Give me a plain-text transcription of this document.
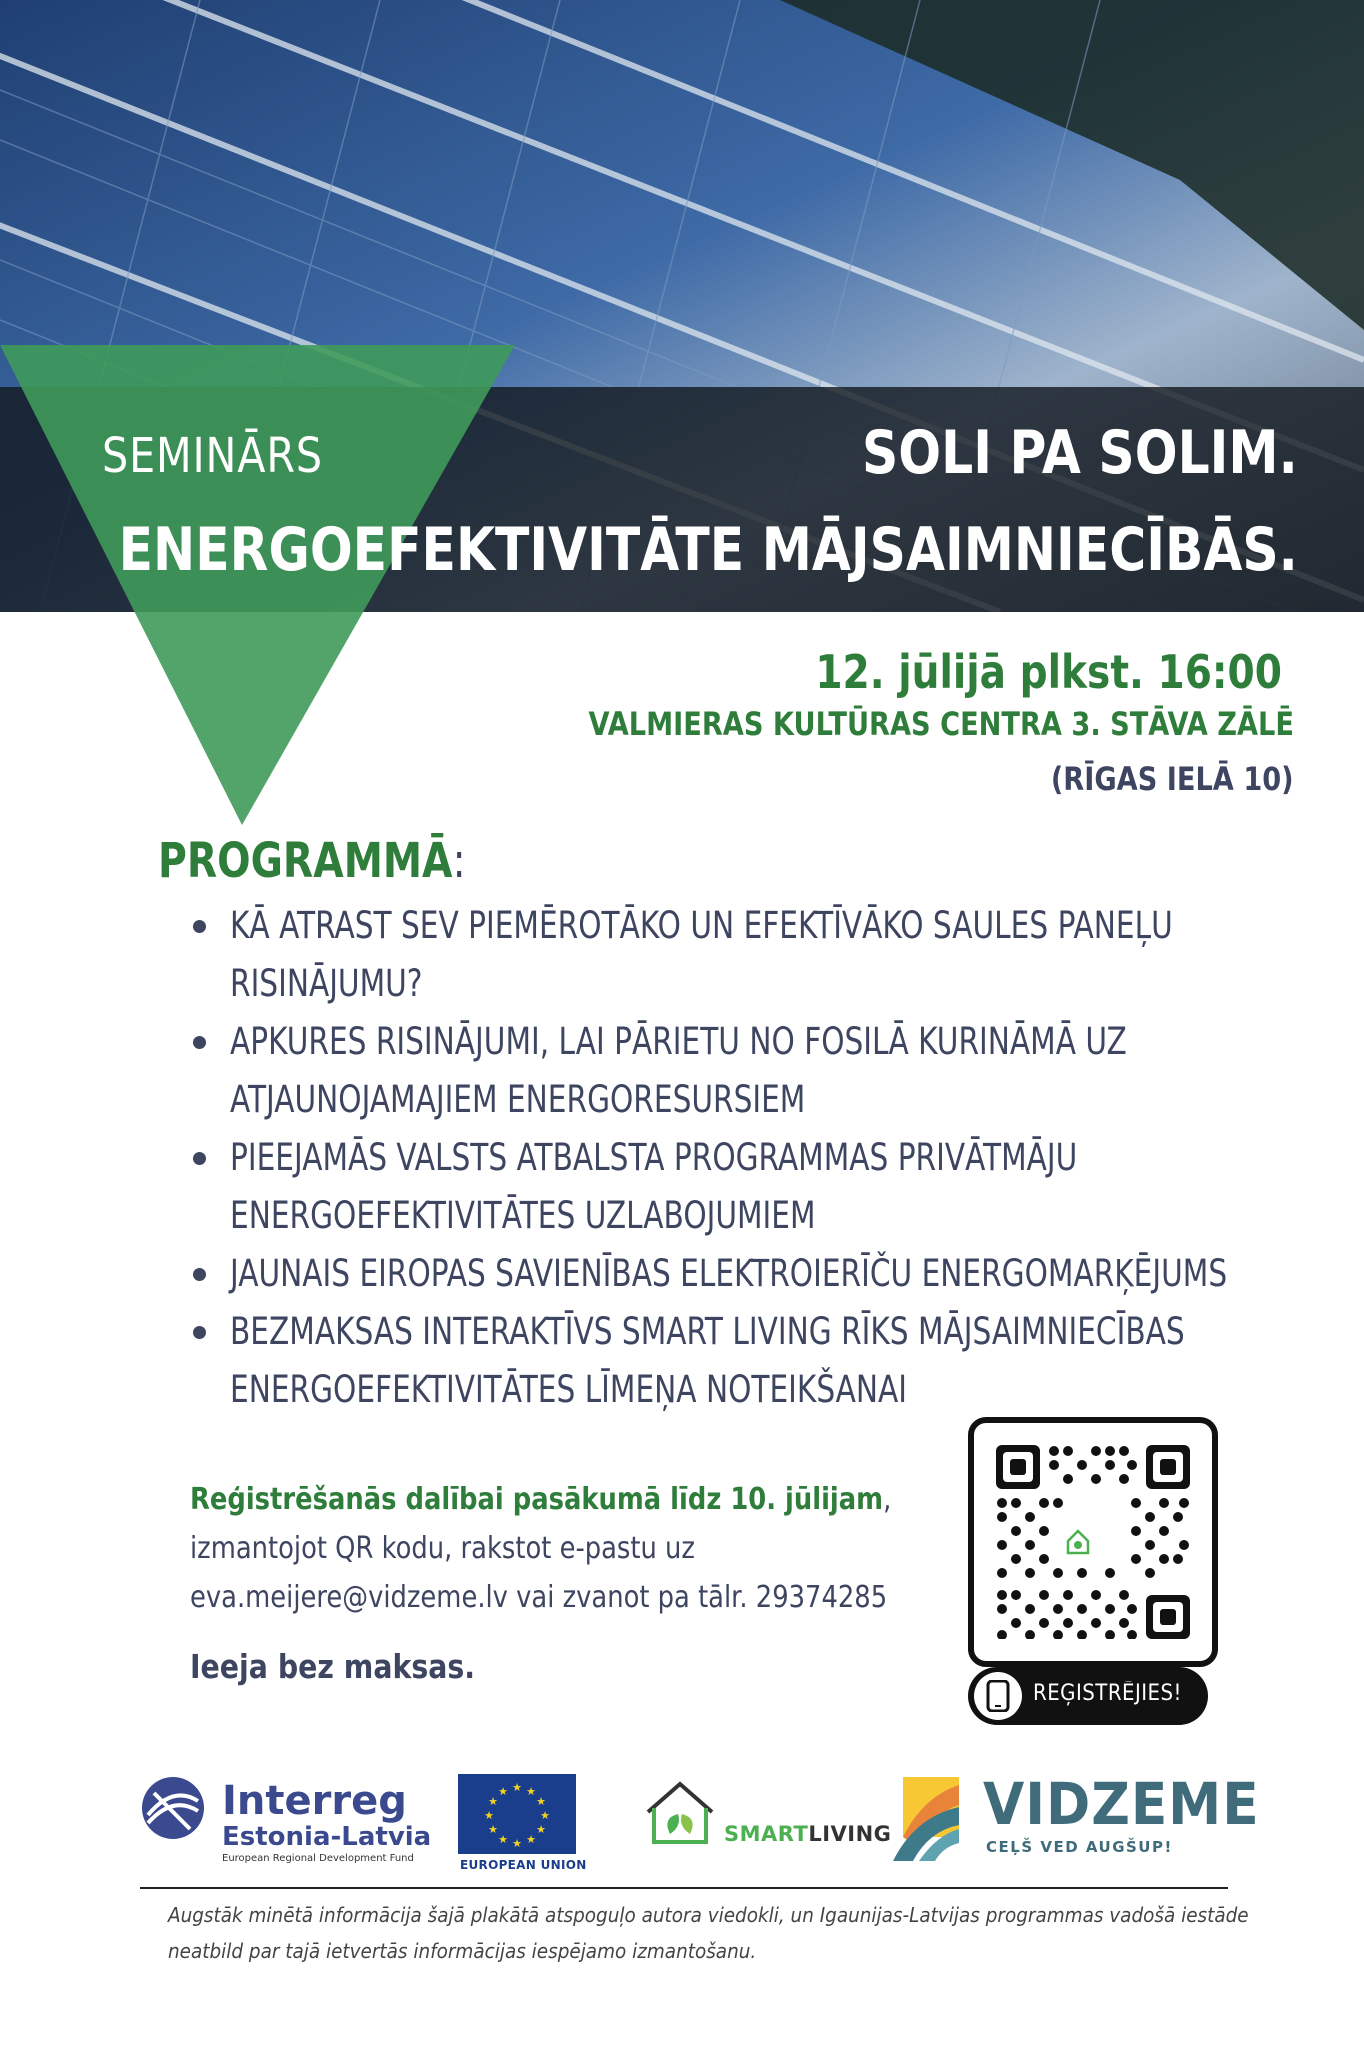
SEMINĀRS	SOLI PA SOLIM.
ENERGOEFEKTIVITĀTE MĀJSAIMNIECĪBĀS.
12. jūlijā plkst. 16:00
VALMIERAS KULTŪRAS CENTRA 3. STĀVA ZĀLĒ
(RĪGAS IELĀ 10)
PROGRAMMĀ:
KĀ ATRAST SEV PIEMĒROTĀKO UN EFEKTĪVĀKO SAULES PANEĻU
RISINĀJUMU?
APKURES RISINĀJUMI, LAI PĀRIETU NO FOSILĀ KURINĀMĀ UZ
ATJAUNOJAMAJIEM ENERGORESURSIEM
PIEEJAMĀS VALSTS ATBALSTA PROGRAMMAS PRIVĀTMĀJU
ENERGOEFEKTIVITĀTES UZLABOJUMIEM
JAUNAIS EIROPAS SAVIENĪBAS ELEKTROIERĪČU ENERGOMARĶĒJUMS
BEZMAKSAS INTERAKTĪVS SMART LIVING RĪKS MĀJSAIMNIECĪBAS
ENERGOEFEKTIVITĀTES LĪMEŅA NOTEIKŠANAI
Reģistrēšanās dalībai pasākumā līdz 10. jūlijam,
izmantojot QR kodu, rakstot e-pastu uz
eva.meijere@vidzeme.lv vai zvanot pa tālr. 29374285
Ieeja bez maksas.
REĢISTRĒJIES!
Interreg
Estonia-Latvia
European Regional Development Fund
★ ★
★
★
★
★
★
★
★
★
★
★
EUROPEAN UNION
SMARTLIVING VIDZEME
CEĻŠ VED AUGŠUP!
Augstāk minētā informācija šajā plakātā atspoguļo autora viedokli, un Igaunijas-Latvijas programmas vadošā iestāde
neatbild par tajā ietvertās informācijas iespējamo izmantošanu.
